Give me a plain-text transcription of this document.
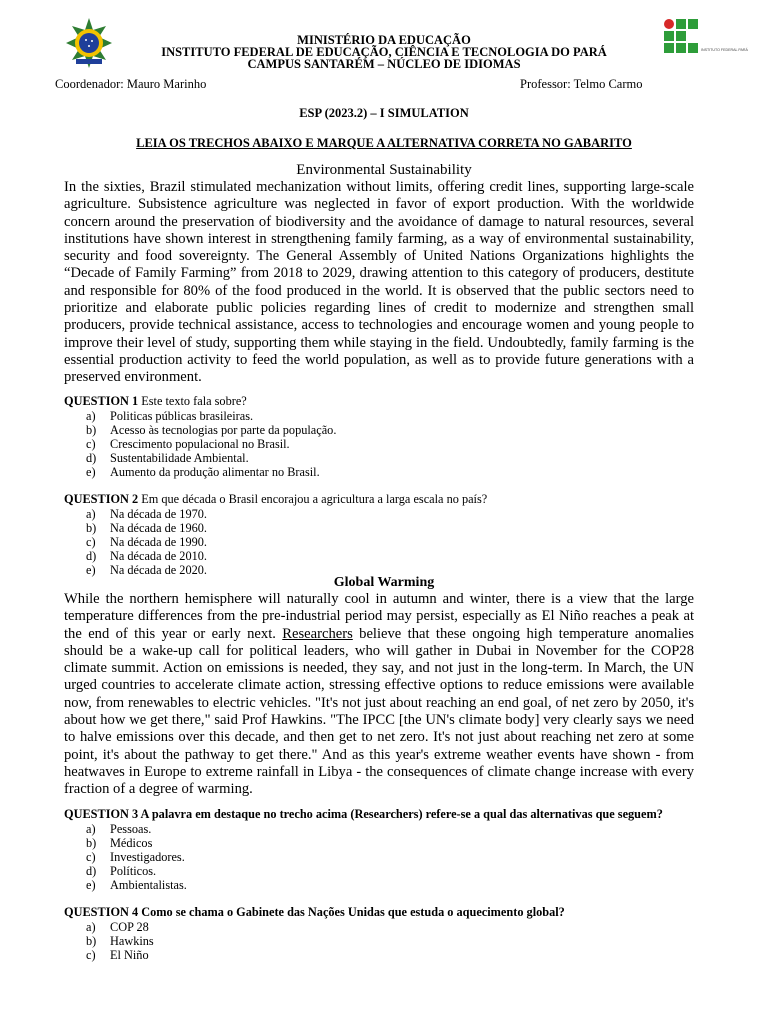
INSTITUTO FEDERAL PARÁ
MINISTÉRIO DA EDUCAÇÃO
INSTITUTO FEDERAL DE EDUCAÇÃO, CIÊNCIA E TECNOLOGIA DO PARÁ
CAMPUS SANTARÉM – NÚCLEO DE IDIOMAS
Coordenador: Mauro Marinho	Professor: Telmo Carmo
ESP (2023.2) – I SIMULATION
LEIA OS TRECHOS ABAIXO E MARQUE A ALTERNATIVA CORRETA NO GABARITO
Environmental Sustainability
In the sixties, Brazil stimulated mechanization without limits, offering credit lines, supporting large-scale agriculture. Subsistence agriculture was neglected in favor of export production. With the worldwide concern around the preservation of biodiversity and the avoidance of damage to natural resources, several institutions have shown interest in strengthening family farming, as a way of environmental sustainability, security and food sovereignty. The General Assembly of United Nations Organizations highlights the “Decade of Family Farming” from 2018 to 2029, drawing attention to this category of producers, destitute and responsible for 80% of the food produced in the world. It is observed that the public sectors need to prioritize and elaborate public policies regarding lines of credit to modernize and strengthen small producers, provide technical assistance, access to technologies and encourage women and young people to improve their level of study, supporting them while staying in the field. Undoubtedly, family farming is the essential production activity to feed the world population, as well as to provide future generations with a preserved environment.
QUESTION 1 Este texto fala sobre?
a)	Politicas públicas brasileiras.
b)	Acesso às tecnologias por parte da população.
c)	Crescimento populacional no Brasil.
d)	Sustentabilidade Ambiental.
e)	Aumento da produção alimentar no Brasil.
QUESTION 2 Em que década o Brasil encorajou a agricultura a larga escala no país?
a)	Na década de 1970.
b)	Na década de 1960.
c)	Na década de 1990.
d)	Na década de 2010.
e)	Na década de 2020.
Global Warming
While the northern hemisphere will naturally cool in autumn and winter, there is a view that the large temperature differences from the pre-industrial period may persist, especially as El Niño reaches a peak at the end of this year or early next. Researchers believe that these ongoing high temperature anomalies should be a wake-up call for political leaders, who will gather in Dubai in November for the COP28 climate summit. Action on emissions is needed, they say, and not just in the long-term. In March, the UN urged countries to accelerate climate action, stressing effective options to reduce emissions were available now, from renewables to electric vehicles. "It's not just about reaching an end goal, of net zero by 2050, it's about how we get there," said Prof Hawkins. "The IPCC [the UN's climate body] very clearly says we need to halve emissions over this decade, and then get to net zero. It's not just about reaching net zero at some point, it's about the pathway to get there." And as this year's extreme weather events have shown - from heatwaves in Europe to extreme rainfall in Libya - the consequences of climate change increase with every fraction of a degree of warming.
QUESTION 3 A palavra em destaque no trecho acima (Researchers) refere-se a qual das alternativas que seguem?
a)	Pessoas.
b)	Médicos
c)	Investigadores.
d)	Políticos.
e)	Ambientalistas.
QUESTION 4 Como se chama o Gabinete das Nações Unidas que estuda o aquecimento global?
a)	COP 28
b)	Hawkins
c)	El Niño
